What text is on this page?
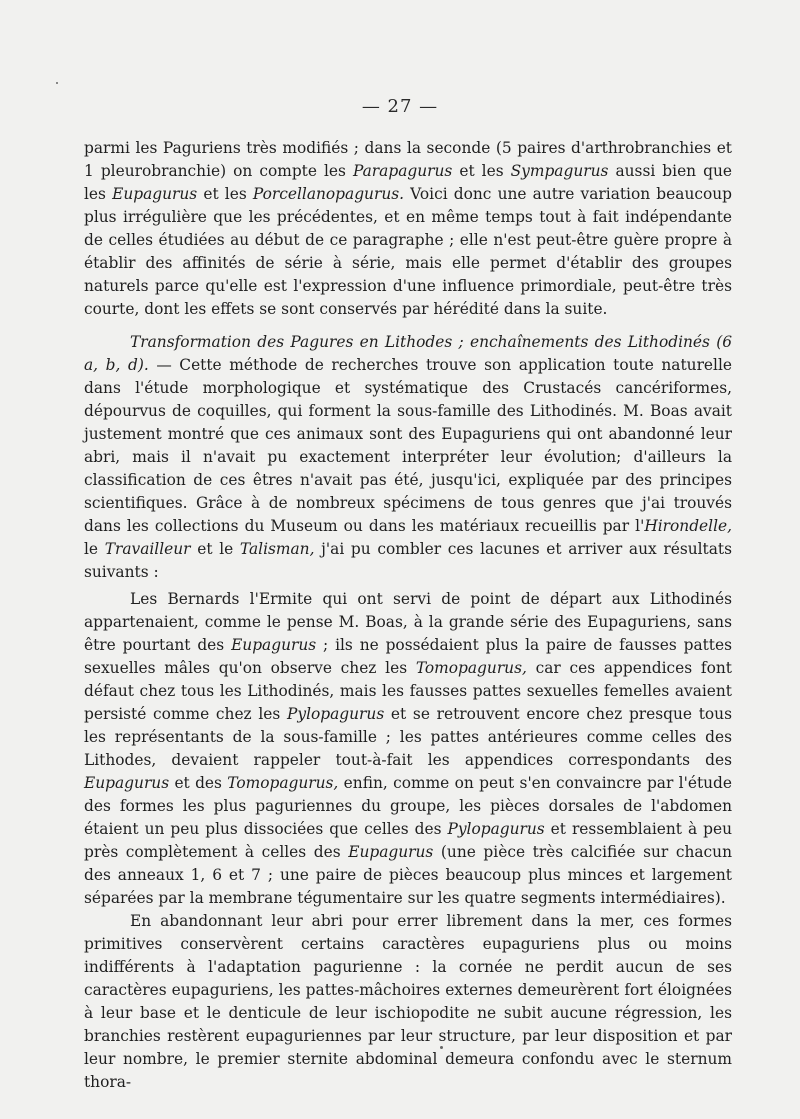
— 27 —

parmi les Paguriens très modifiés ; dans la seconde (5 paires d'arthrobranchies et 1 pleurobranchie) on compte les Parapagurus et les Sympagurus aussi bien que les Eupagurus et les Porcellanopagurus. Voici donc une autre variation beaucoup plus irrégulière que les précédentes, et en même temps tout à fait indépendante de celles étudiées au début de ce paragraphe ; elle n'est peut-être guère propre à établir des affinités de série à série, mais elle permet d'établir des groupes naturels parce qu'elle est l'expression d'une influence primordiale, peut-être très courte, dont les effets se sont conservés par hérédité dans la suite.

Transformation des Pagures en Lithodes ; enchaînements des Lithodinés (6 a, b, d). — Cette méthode de recherches trouve son application toute naturelle dans l'étude morphologique et systématique des Crustacés cancériformes, dépourvus de coquilles, qui forment la sous-famille des Lithodinés. M. Boas avait justement montré que ces animaux sont des Eupaguriens qui ont abandonné leur abri, mais il n'avait pu exactement interpréter leur évolution; d'ailleurs la classification de ces êtres n'avait pas été, jusqu'ici, expliquée par des principes scientifiques. Grâce à de nombreux spécimens de tous genres que j'ai trouvés dans les collections du Museum ou dans les matériaux recueillis par l'Hirondelle, le Travailleur et le Talisman, j'ai pu combler ces lacunes et arriver aux résultats suivants :

Les Bernards l'Ermite qui ont servi de point de départ aux Lithodinés appartenaient, comme le pense M. Boas, à la grande série des Eupaguriens, sans être pourtant des Eupagurus ; ils ne possédaient plus la paire de fausses pattes sexuelles mâles qu'on observe chez les Tomopagurus, car ces appendices font défaut chez tous les Lithodinés, mais les fausses pattes sexuelles femelles avaient persisté comme chez les Pylopagurus et se retrouvent encore chez presque tous les représentants de la sous-famille ; les pattes antérieures comme celles des Lithodes, devaient rappeler tout-à-fait les appendices correspondants des Eupagurus et des Tomopagurus, enfin, comme on peut s'en convaincre par l'étude des formes les plus paguriennes du groupe, les pièces dorsales de l'abdomen étaient un peu plus dissociées que celles des Pylopagurus et ressemblaient à peu près complètement à celles des Eupagurus (une pièce très calcifiée sur chacun des anneaux 1, 6 et 7 ; une paire de pièces beaucoup plus minces et largement séparées par la membrane tégumentaire sur les quatre segments intermédiaires).

En abandonnant leur abri pour errer librement dans la mer, ces formes primitives conservèrent certains caractères eupaguriens plus ou moins indifférents à l'adaptation pagurienne : la cornée ne perdit aucun de ses caractères eupaguriens, les pattes-mâchoires externes demeurèrent fort éloignées à leur base et le denticule de leur ischiopodite ne subit aucune régression, les branchies restèrent eupaguriennes par leur structure, par leur disposition et par leur nombre, le premier sternite abdominal demeura confondu avec le sternum thora-
